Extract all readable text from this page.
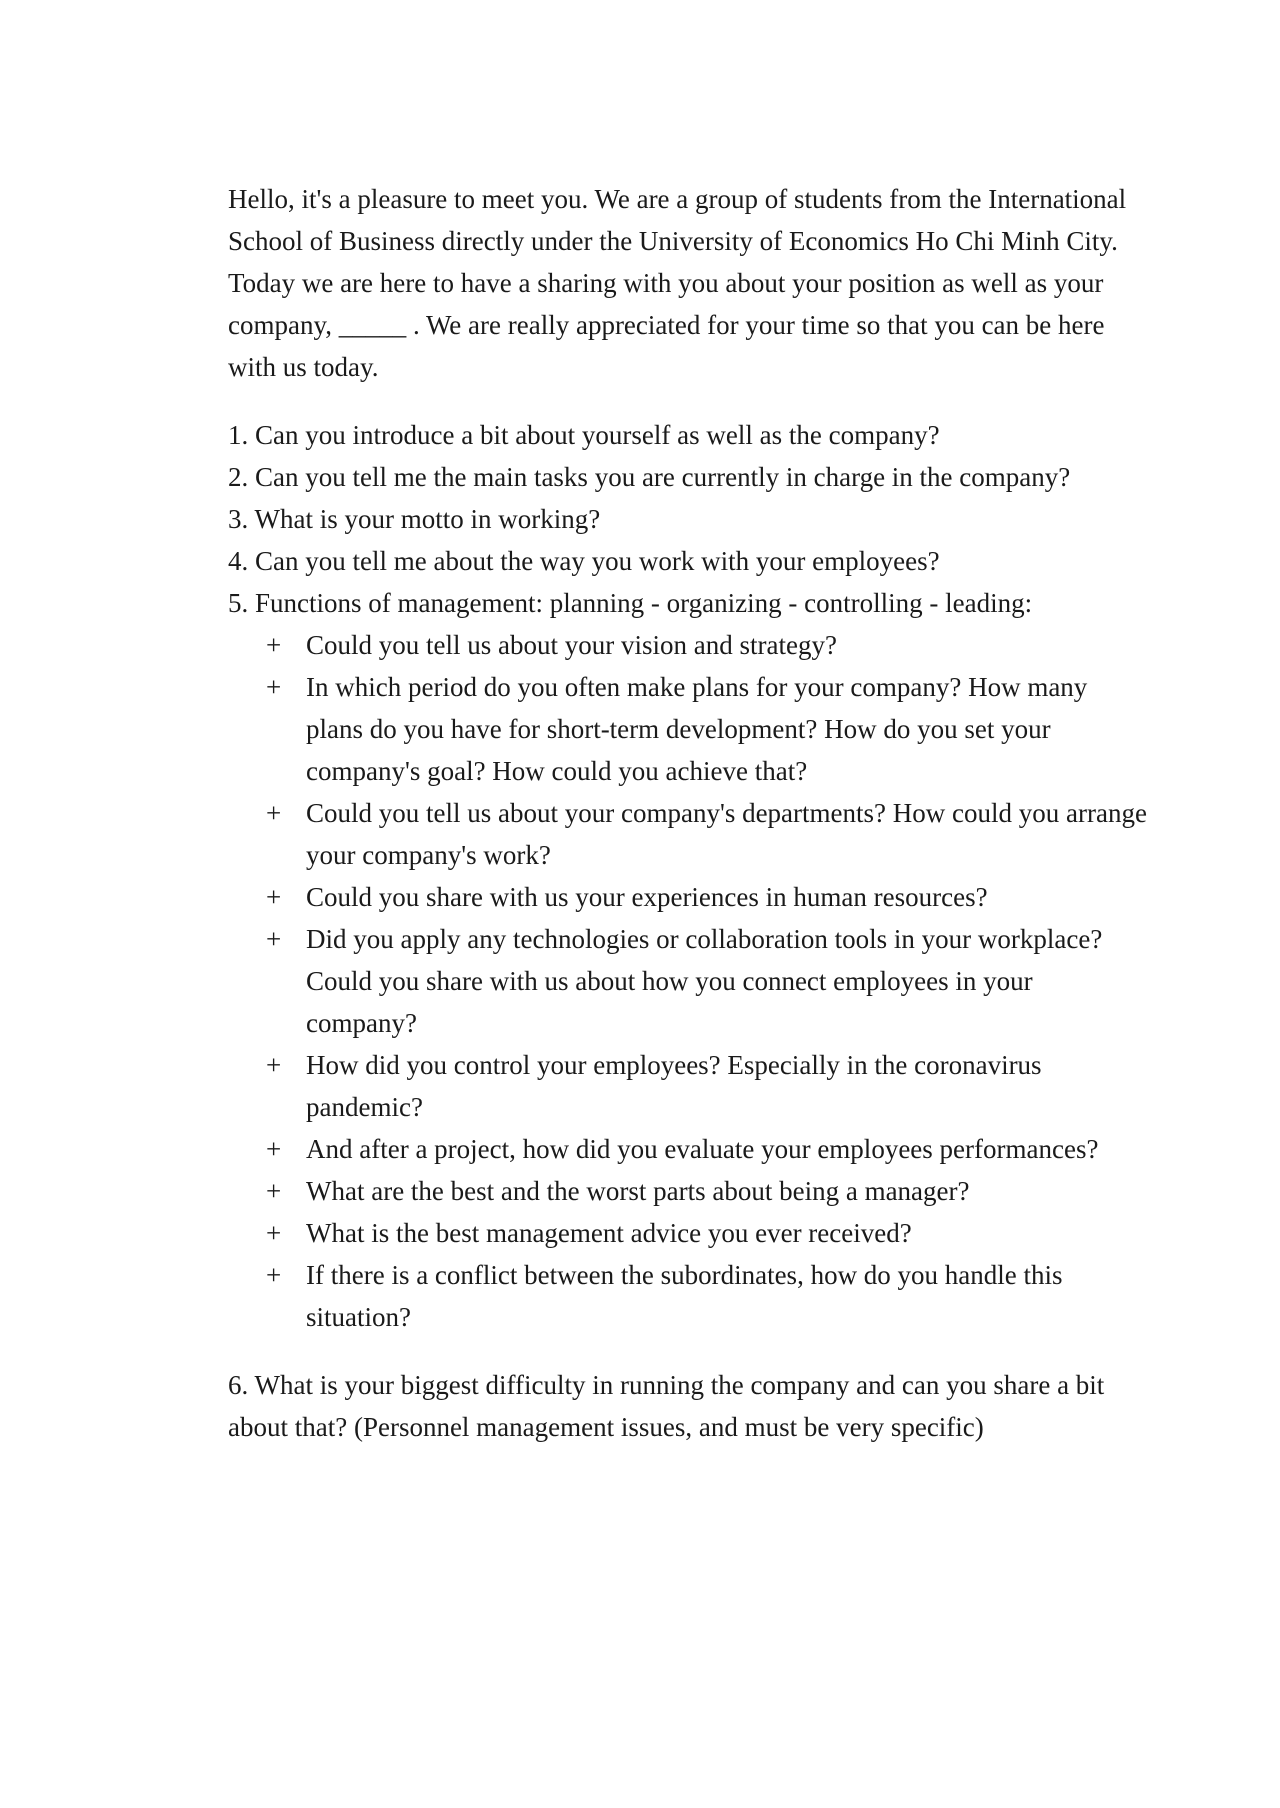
Hello, it's a pleasure to meet you. We are a group of students from the International School of Business directly under the University of Economics Ho Chi Minh City. Today we are here to have a sharing with you about your position as well as your company, _____ . We are really appreciated for your time so that you can be here with us today.

1. Can you introduce a bit about yourself as well as the company?
2. Can you tell me the main tasks you are currently in charge in the company?
3. What is your motto in working?
4. Can you tell me about the way you work with your employees?
5. Functions of management: planning - organizing - controlling - leading:
+ Could you tell us about your vision and strategy?
+ In which period do you often make plans for your company? How many plans do you have for short-term development? How do you set your company's goal? How could you achieve that?
+ Could you tell us about your company's departments? How could you arrange your company's work?
+ Could you share with us your experiences in human resources?
+ Did you apply any technologies or collaboration tools in your workplace? Could you share with us about how you connect employees in your company?
+ How did you control your employees? Especially in the coronavirus pandemic?
+ And after a project, how did you evaluate your employees performances?
+ What are the best and the worst parts about being a manager?
+ What is the best management advice you ever received?
+ If there is a conflict between the subordinates, how do you handle this situation?

6. What is your biggest difficulty in running the company and can you share a bit about that? (Personnel management issues, and must be very specific)
